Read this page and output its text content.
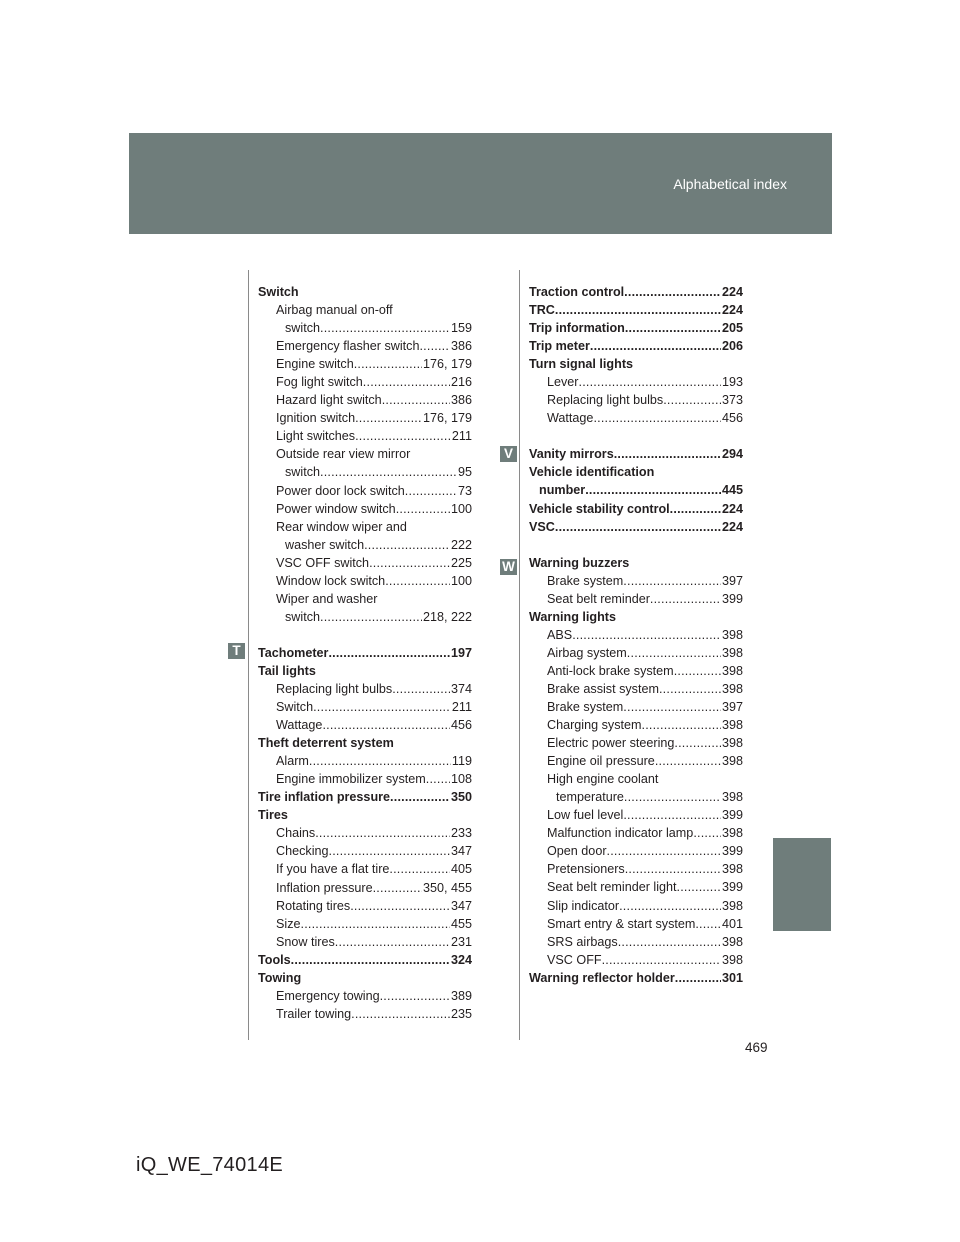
Alphabetical index
T
V
W
Switch
Airbag manual on-off
switch .....	159
Emergency flasher switch .....	386
Engine switch .....	176, 179
Fog light switch .....	216
Hazard light switch .....	386
Ignition switch .....	176, 179
Light switches .....	211
Outside rear view mirror
switch .....	95
Power door lock switch .....	73
Power window switch .....	100
Rear window wiper and
washer switch .....	222
VSC OFF switch .....	225
Window lock switch .....	100
Wiper and washer
switch .....	218, 222
Tachometer .....	197
Tail lights
Replacing light bulbs .....	374
Switch .....	211
Wattage .....	456
Theft deterrent system
Alarm .....	119
Engine immobilizer system ..... 108
Tire inflation pressure .....	350
Tires
Chains .....	233
Checking .....	347
If you have a flat tire .....	405
Inflation pressure .....	350, 455
Rotating tires .....	347
Size .....	455
Snow tires .....	231
Tools .....	324
Towing
Emergency towing .....	389
Trailer towing .....	235
Traction control .....	224
TRC .....	224
Trip information .....	205
Trip meter .....	206
Turn signal lights
Lever .....	193
Replacing light bulbs .....	373
Wattage .....	456
Vanity mirrors .....	294
Vehicle identification
number .....	445
Vehicle stability control .....	224
VSC .....	224
Warning buzzers
Brake system .....	397
Seat belt reminder .....	399
Warning lights
ABS .....	398
Airbag system .....	398
Anti-lock brake system .....	398
Brake assist system .....	398
Brake system .....	397
Charging system .....	398
Electric power steering .....	398
Engine oil pressure .....	398
High engine coolant
temperature .....	398
Low fuel level .....	399
Malfunction indicator lamp ..... 398
Open door .....	399
Pretensioners .....	398
Seat belt reminder light .....	399
Slip indicator .....	398
Smart entry & start system ..... 401
SRS airbags .....	398
VSC OFF .....	398
Warning reflector holder .....	301
469
iQ_WE_74014E
